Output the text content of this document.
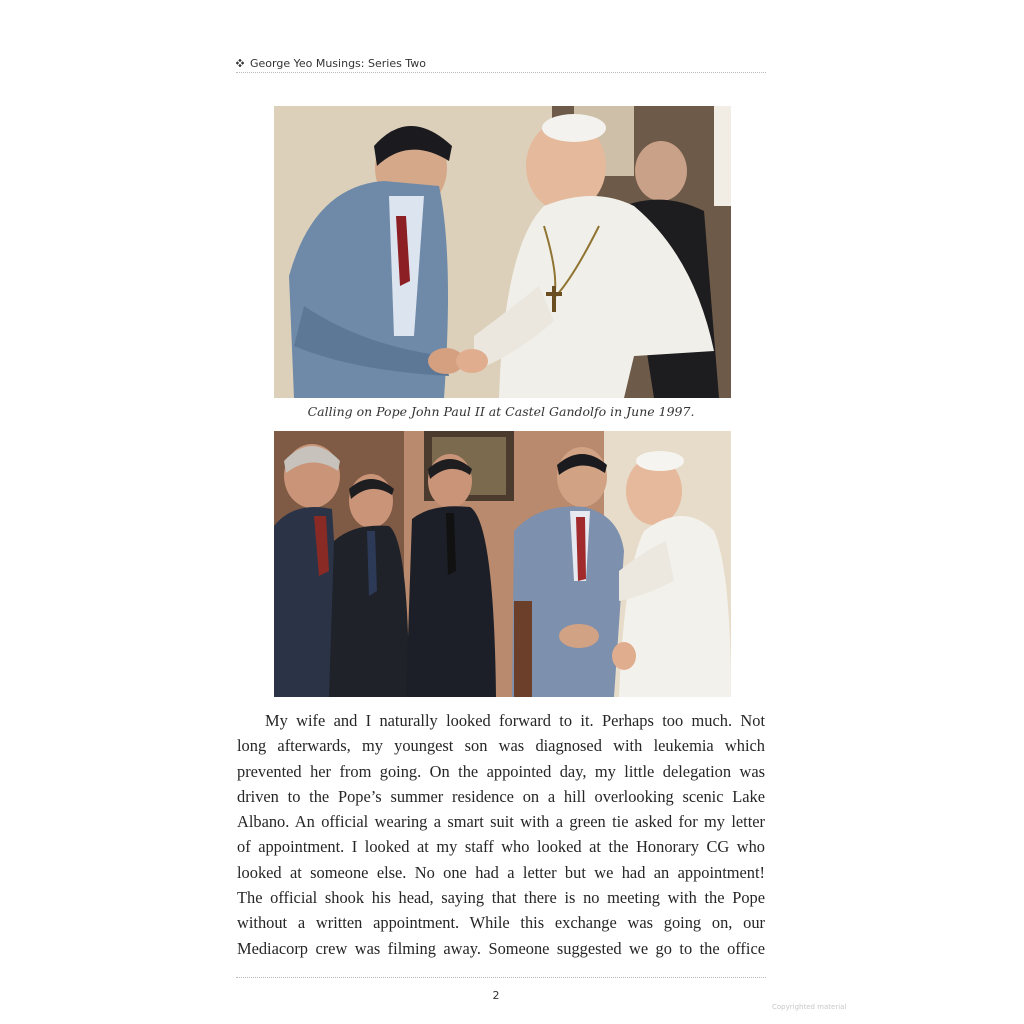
George Yeo Musings: Series Two
Calling on Pope John Paul II at Castel Gandolfo in June 1997.
My wife and I naturally looked forward to it. Perhaps too much. Not
long afterwards, my youngest son was diagnosed with leukemia which
prevented her from going. On the appointed day, my little delegation was
driven to the Pope’s summer residence on a hill overlooking scenic Lake
Albano. An official wearing a smart suit with a green tie asked for my letter
of appointment. I looked at my staff who looked at the Honorary CG who
looked at someone else. No one had a letter but we had an appointment!
The official shook his head, saying that there is no meeting with the Pope
without a written appointment. While this exchange was going on, our
Mediacorp crew was filming away. Someone suggested we go to the office
2
Copyrighted material
